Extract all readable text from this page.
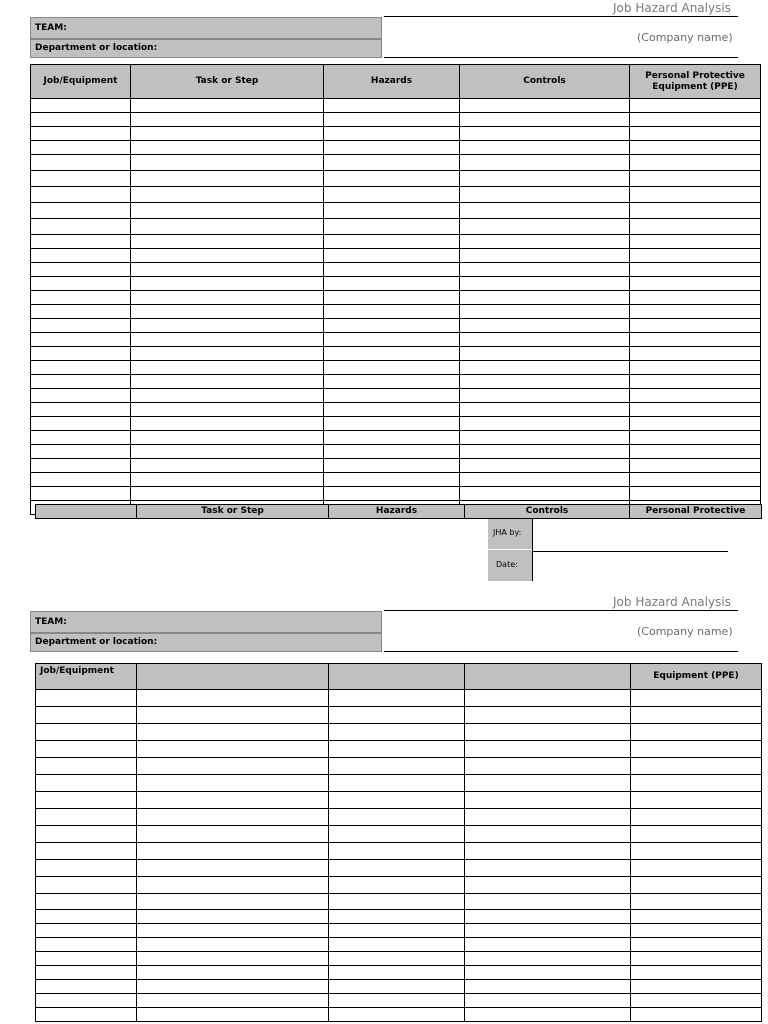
Job Hazard Analysis
TEAM:
Department or location:
(Company name)
Job/Equipment	Task or Step	Hazards	Controls	Personal Protective Equipment (PPE)

	Task or Step	Hazards	Controls	Personal Protective
JHA by:
Date:
Job Hazard Analysis
TEAM:
Department or location:
(Company name)
Job/Equipment				Equipment (PPE)
